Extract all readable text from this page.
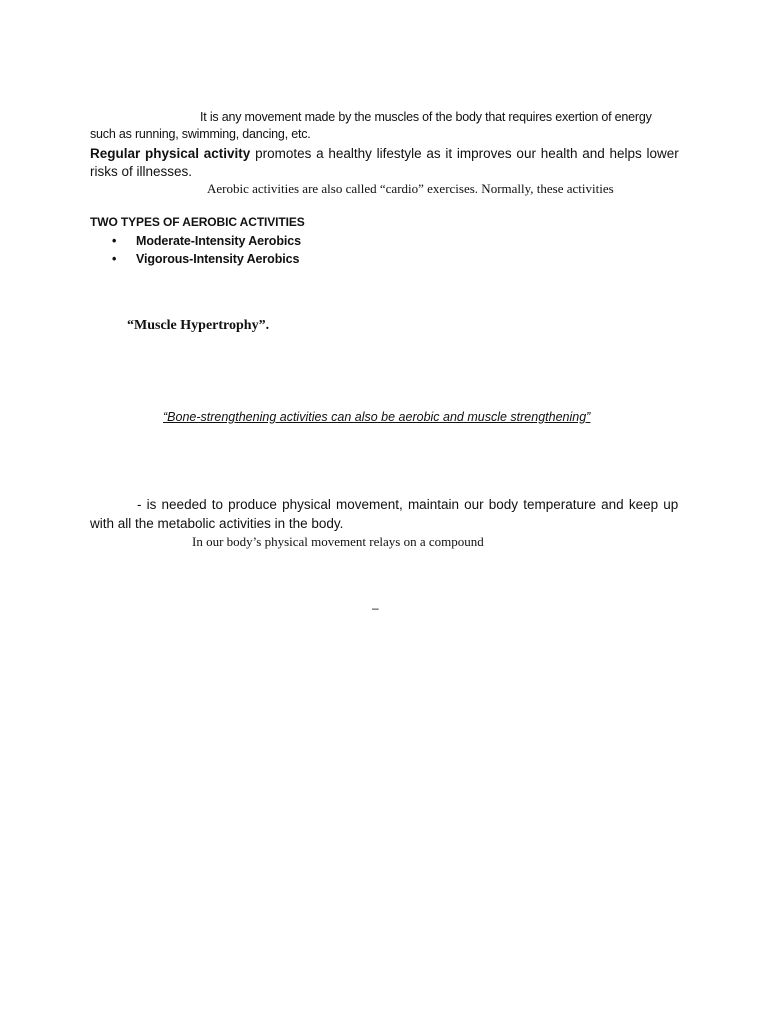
It is any movement made by the muscles of the body that requires exertion of energy
such as running, swimming, dancing, etc.
Regular physical activity promotes a healthy lifestyle as it improves our health and helps lower
risks of illnesses.
Aerobic activities are also called “cardio” exercises. Normally, these activities
TWO TYPES OF AEROBIC ACTIVITIES
• Moderate-Intensity Aerobics
• Vigorous-Intensity Aerobics
“Muscle Hypertrophy”.
“Bone-strengthening activities can also be aerobic and muscle strengthening”
- is needed to produce physical movement, maintain our body temperature and keep up
with all the metabolic activities in the body.
In our body’s physical movement relays on a compound
–
